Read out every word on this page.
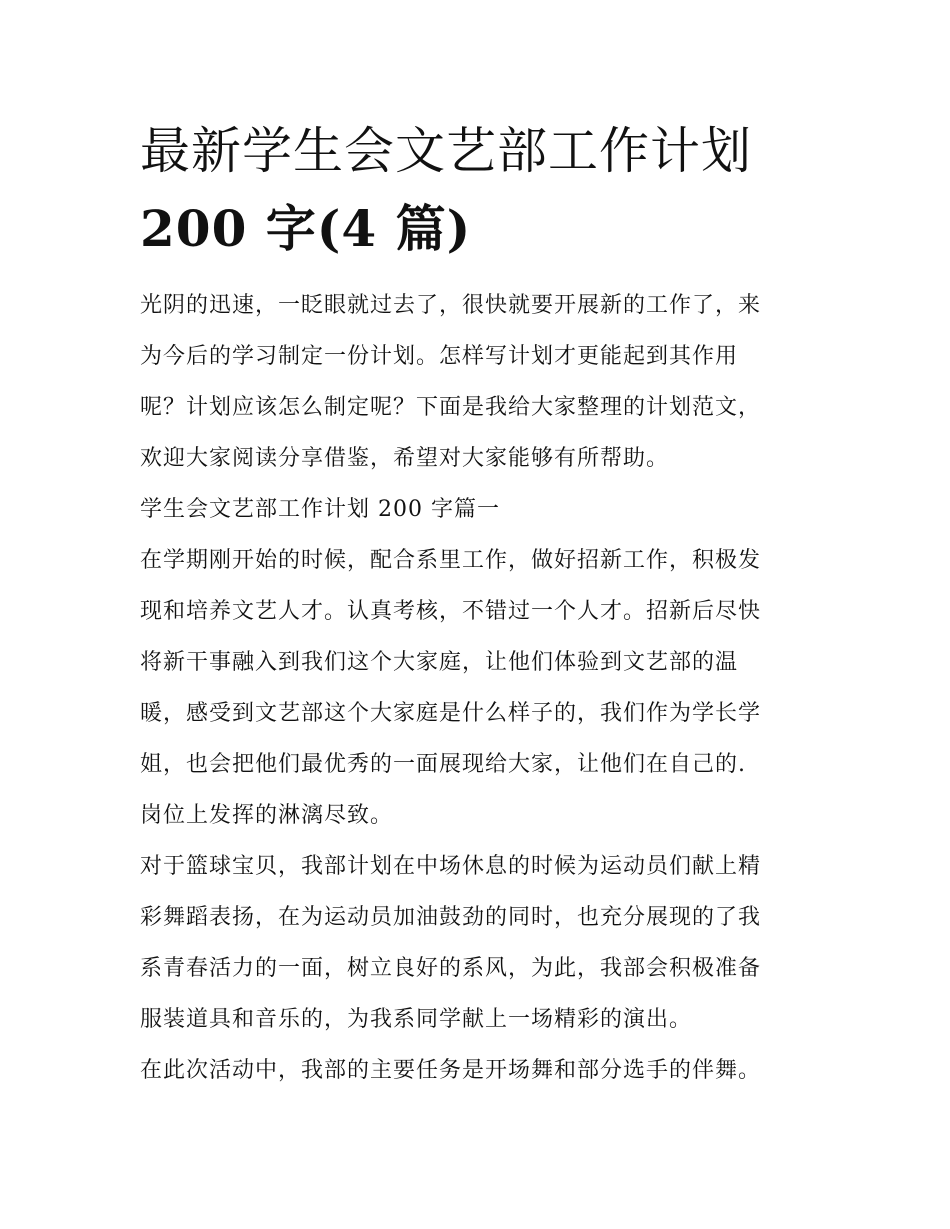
最新学生会文艺部工作计划
200 字(4 篇)
光阴的迅速，一眨眼就过去了，很快就要开展新的工作了，来
为今后的学习制定一份计划。怎样写计划才更能起到其作用
呢？计划应该怎么制定呢？下面是我给大家整理的计划范文，
欢迎大家阅读分享借鉴，希望对大家能够有所帮助。
学生会文艺部工作计划 200 字篇一
在学期刚开始的时候，配合系里工作，做好招新工作，积极发
现和培养文艺人才。认真考核，不错过一个人才。招新后尽快
将新干事融入到我们这个大家庭，让他们体验到文艺部的温
暖，感受到文艺部这个大家庭是什么样子的，我们作为学长学
姐，也会把他们最优秀的一面展现给大家，让他们在自己的.
岗位上发挥的淋漓尽致。
对于篮球宝贝，我部计划在中场休息的时候为运动员们献上精
彩舞蹈表扬，在为运动员加油鼓劲的同时，也充分展现的了我
系青春活力的一面，树立良好的系风，为此，我部会积极准备
服装道具和音乐的，为我系同学献上一场精彩的演出。
在此次活动中，我部的主要任务是开场舞和部分选手的伴舞。
